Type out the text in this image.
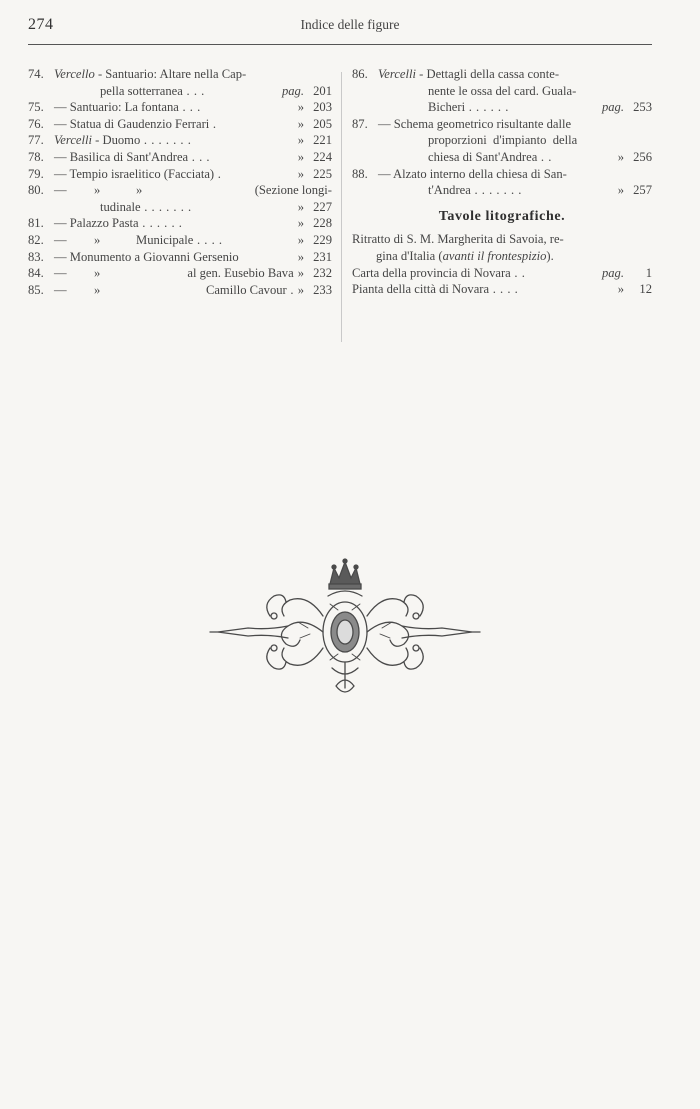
274	Indice delle figure
74. Vercello - Santuario: Altare nella Cap-
pella sotterranea . . .	pag. 201
75. — Santuario: La fontana . . .	» 203
76. — Statua di Gaudenzio Ferrari .	» 205
77. Vercelli - Duomo . . . . . . .	» 221
78. — Basilica di Sant'Andrea . . .	» 224
79. — Tempio israelitico (Facciata) .	» 225
80. —	»	»	(Sezione longi-
tudinale . . . . . . .	» 227
81. — Palazzo Pasta . . . . . .	» 228
82. —	»	Municipale . . . .	» 229
83. — Monumento a Giovanni Gersenio	» 231
84. —	»	al gen. Eusebio Bava » 232
85. —	»	Camillo Cavour . » 233
86. Vercelli - Dettagli della cassa conte-
nente le ossa del card. Guala-
Bicheri . . . . . .	pag. 253
87. — Schema geometrico risultante dalle
proporzioni  d'impianto  della
chiesa di Sant'Andrea . .	» 256
88. — Alzato interno della chiesa di San-
t'Andrea . . . . . . .	» 257
Tavole litografiche.
Ritratto di S. M. Margherita di Savoia, re-
gina d'Italia ( avanti il frontespizio ).
Carta della provincia di Novara . .	pag.	1
Pianta della città di Novara . . . .	»	12
